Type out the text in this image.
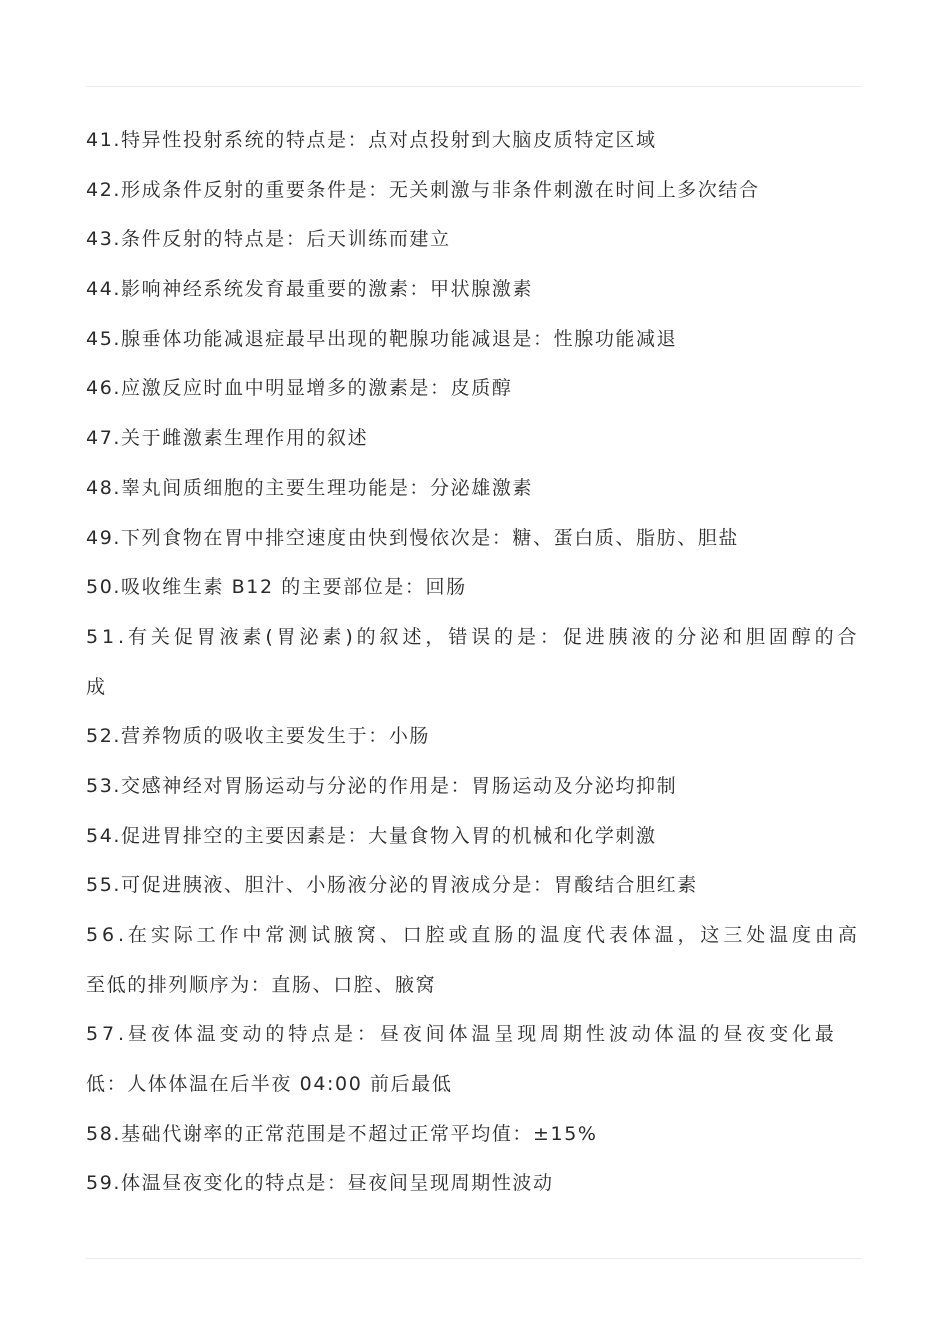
41.特异性投射系统的特点是：点对点投射到大脑皮质特定区域
42.形成条件反射的重要条件是：无关刺激与非条件刺激在时间上多次结合
43.条件反射的特点是：后天训练而建立
44.影响神经系统发育最重要的激素：甲状腺激素
45.腺垂体功能减退症最早出现的靶腺功能减退是：性腺功能减退
46.应激反应时血中明显增多的激素是：皮质醇
47.关于雌激素生理作用的叙述
48.睾丸间质细胞的主要生理功能是：分泌雄激素
49.下列食物在胃中排空速度由快到慢依次是：糖、蛋白质、脂肪、胆盐
50.吸收维生素 B12 的主要部位是：回肠
51.有关促胃液素(胃泌素)的叙述，错误的是：促进胰液的分泌和胆固醇的合
成
52.营养物质的吸收主要发生于：小肠
53.交感神经对胃肠运动与分泌的作用是：胃肠运动及分泌均抑制
54.促进胃排空的主要因素是：大量食物入胃的机械和化学刺激
55.可促进胰液、胆汁、小肠液分泌的胃液成分是：胃酸结合胆红素
56.在实际工作中常测试腋窝、口腔或直肠的温度代表体温，这三处温度由高
至低的排列顺序为：直肠、口腔、腋窝
57.昼夜体温变动的特点是：昼夜间体温呈现周期性波动体温的昼夜变化最
低：人体体温在后半夜 04:00 前后最低
58.基础代谢率的正常范围是不超过正常平均值：±15%
59.体温昼夜变化的特点是：昼夜间呈现周期性波动
